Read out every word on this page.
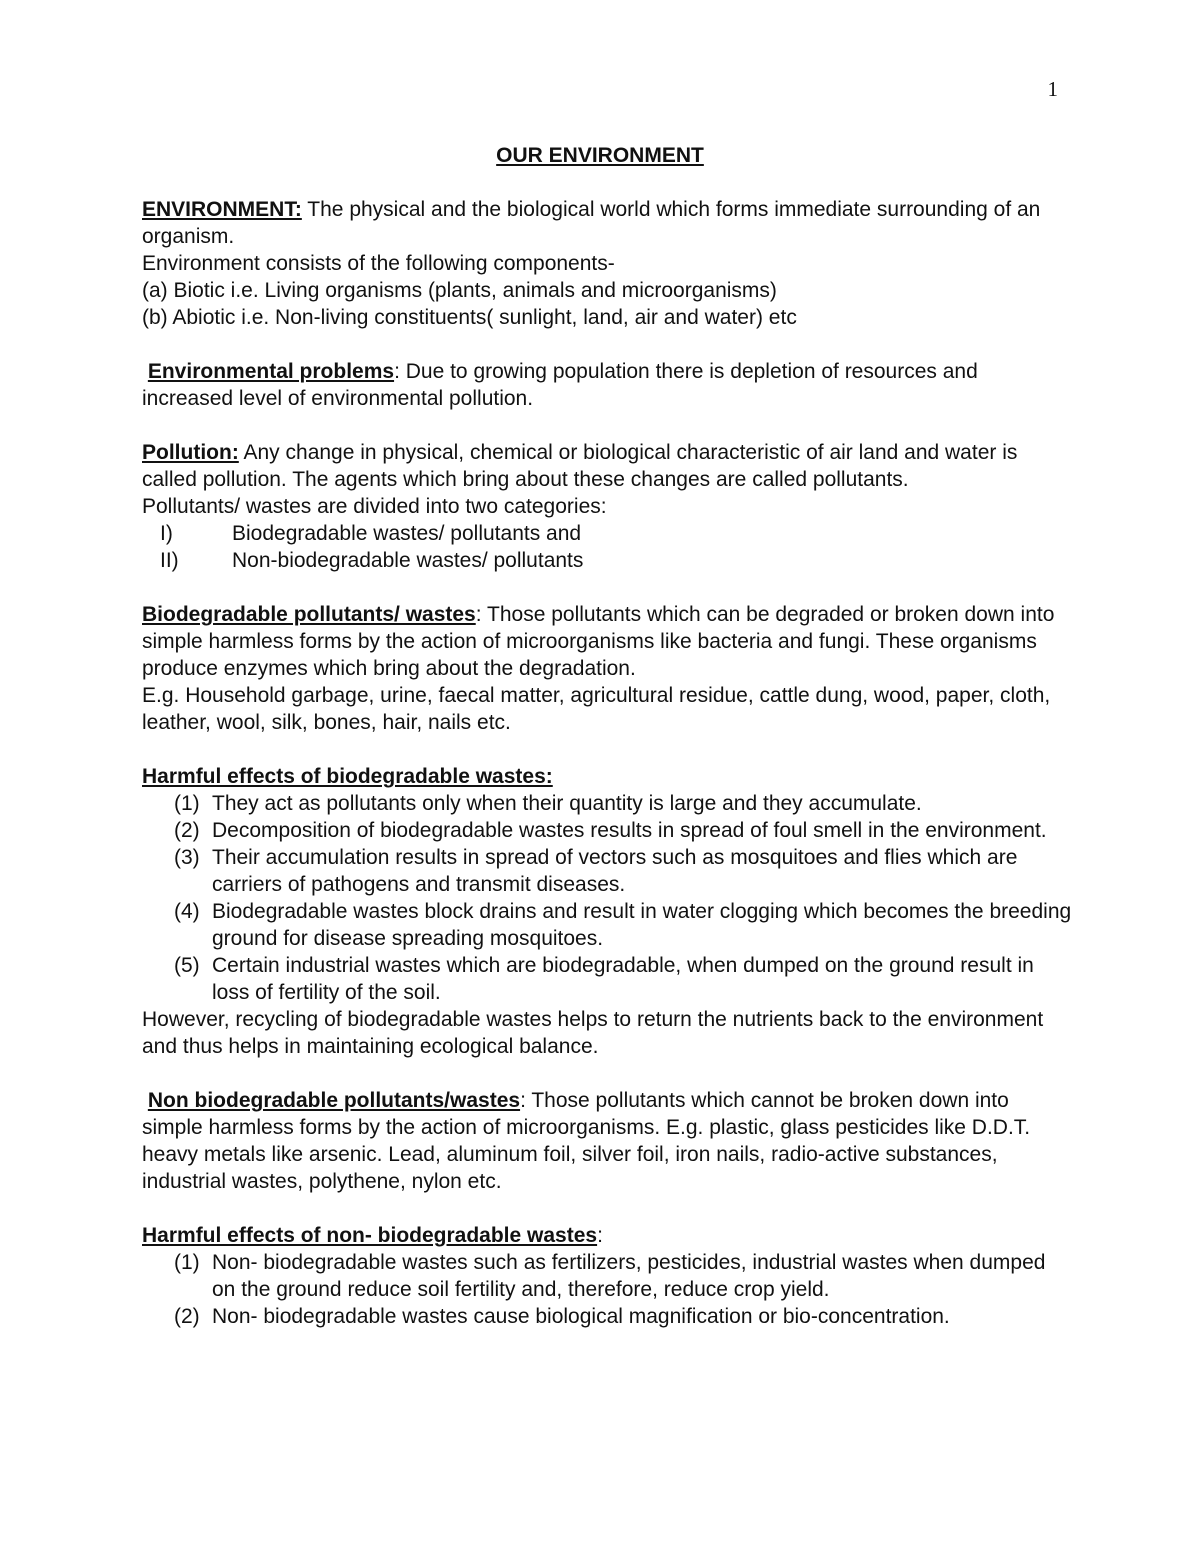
1

OUR ENVIRONMENT

ENVIRONMENT: The physical and the biological world which forms immediate surrounding of an organism.

Environment consists of the following components-

(a) Biotic i.e. Living organisms (plants, animals and microorganisms)

(b) Abiotic i.e. Non-living constituents( sunlight, land, air and water) etc

Environmental problems: Due to growing population there is depletion of resources and increased level of environmental pollution.

Pollution: Any change in physical, chemical or biological characteristic of air land and water is called pollution. The agents which bring about these changes are called pollutants.

Pollutants/ wastes are divided into two categories:

I)	Biodegradable wastes/ pollutants and
II)	Non-biodegradable wastes/ pollutants

Biodegradable pollutants/ wastes: Those pollutants which can be degraded or broken down into simple harmless forms by the action of microorganisms like bacteria and fungi. These organisms produce enzymes which bring about the degradation.

E.g. Household garbage, urine, faecal matter, agricultural residue, cattle dung, wood, paper, cloth, leather, wool, silk, bones, hair, nails etc.

Harmful effects of biodegradable wastes:

(1) They act as pollutants only when their quantity is large and they accumulate.
(2) Decomposition of biodegradable wastes results in spread of foul smell in the environment.
(3) Their accumulation results in spread of vectors such as mosquitoes and flies which are carriers of pathogens and transmit diseases.
(4) Biodegradable wastes block drains and result in water clogging which becomes the breeding ground for disease spreading mosquitoes.
(5) Certain industrial wastes which are biodegradable, when dumped on the ground result in loss of fertility of the soil.

However, recycling of biodegradable wastes helps to return the nutrients back to the environment and thus helps in maintaining ecological balance.

Non biodegradable pollutants/wastes: Those pollutants which cannot be broken down into simple harmless forms by the action of microorganisms. E.g. plastic, glass pesticides like D.D.T. heavy metals like arsenic. Lead, aluminum foil, silver foil, iron nails, radio-active substances, industrial wastes, polythene, nylon etc.

Harmful effects of non- biodegradable wastes:

(1) Non- biodegradable wastes such as fertilizers, pesticides, industrial wastes when dumped on the ground reduce soil fertility and, therefore, reduce crop yield.
(2) Non- biodegradable wastes cause biological magnification or bio-concentration.
